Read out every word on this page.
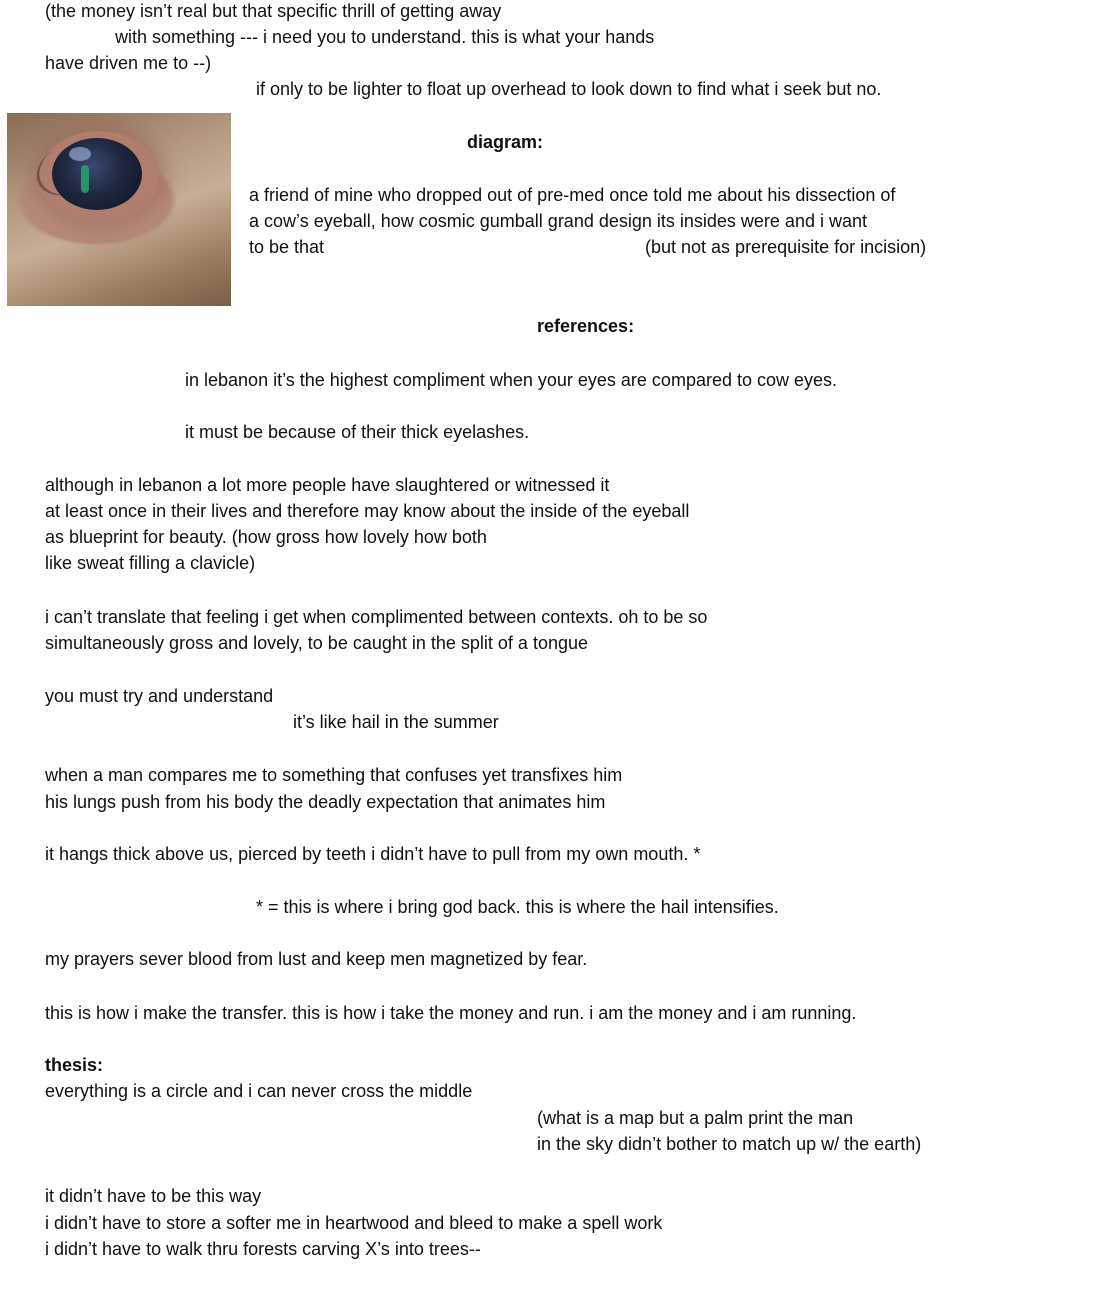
(the money isn’t real but that specific thrill of getting away
with something --- i need you to understand. this is what your hands
have driven me to --)
if only to be lighter to float up overhead to look down to find what i seek but no.
diagram:
a friend of mine who dropped out of pre-med once told me about his dissection of
a cow’s eyeball, how cosmic gumball grand design its insides were and i want
to be that	(but not as prerequisite for incision)
references:
in lebanon it’s the highest compliment when your eyes are compared to cow eyes.
it must be because of their thick eyelashes.
although in lebanon a lot more people have slaughtered or witnessed it
at least once in their lives and therefore may know about the inside of the eyeball
as blueprint for beauty. (how gross how lovely how both
like sweat filling a clavicle)
i can’t translate that feeling i get when complimented between contexts. oh to be so
simultaneously gross and lovely, to be caught in the split of a tongue
you must try and understand
it’s like hail in the summer
when a man compares me to something that confuses yet transfixes him
his lungs push from his body the deadly expectation that animates him
it hangs thick above us, pierced by teeth i didn’t have to pull from my own mouth. *
* = this is where i bring god back. this is where the hail intensifies.
my prayers sever blood from lust and keep men magnetized by fear.
this is how i make the transfer. this is how i take the money and run. i am the money and i am running.
thesis:
everything is a circle and i can never cross the middle
(what is a map but a palm print the man
in the sky didn’t bother to match up w/ the earth)
it didn’t have to be this way
i didn’t have to store a softer me in heartwood and bleed to make a spell work
i didn’t have to walk thru forests carving X’s into trees--
